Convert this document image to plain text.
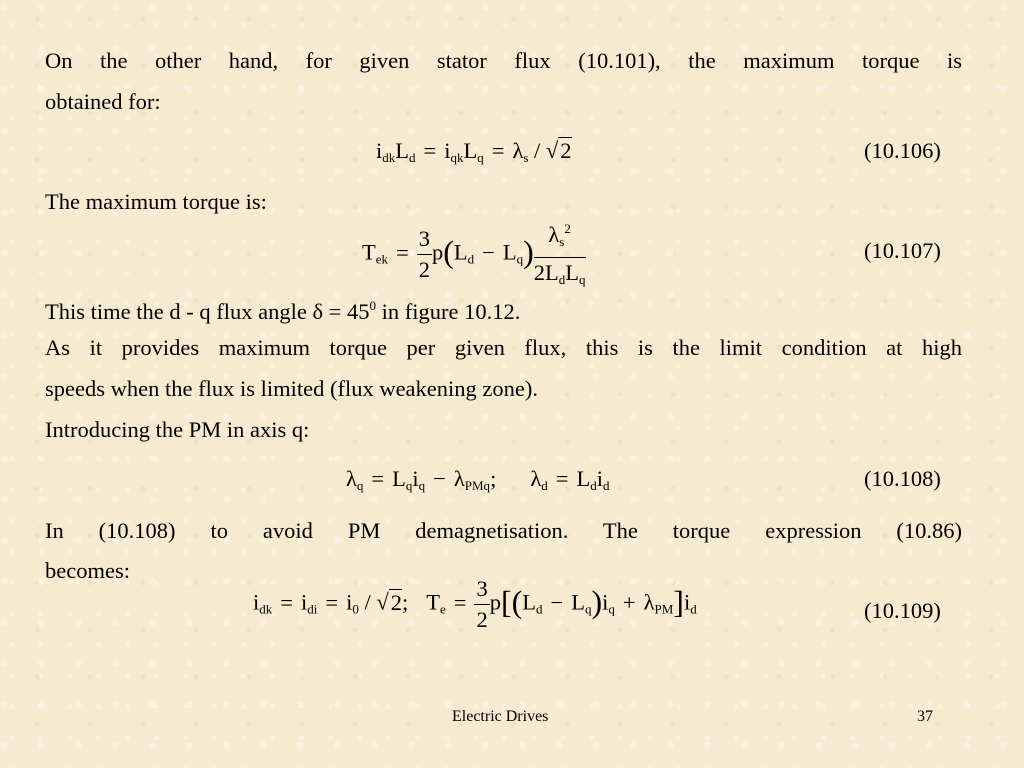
On the other hand, for given stator flux (10.101), the maximum torque is

obtained for:

$i_{dk}L_d = i_{qk}L_q = \lambda_s / √2$	(10.106)

The maximum torque is:

$T_{ek} = \frac{3}{2} p(L_d - L_q) \frac{\lambda_s^2}{2L_dL_q}$	(10.107)

This time the d - q flux angle $\delta = 45^0$ in figure 10.12.

As it provides maximum torque per given flux, this is the limit condition at high

speeds when the flux is limited (flux weakening zone).

Introducing the PM in axis q:

$\lambda_q = L_qi_q - \lambda_{PMq}$; $\lambda_d = L_di_d$	(10.108)

In (10.108) to avoid PM demagnetisation. The torque expression (10.86)

becomes:

$i_{dk} = i_{di} = i_0 / √2$; $T_e = \frac{3}{2} p[(L_d - L_q)i_q + \lambda_{PM}]i_d$	(10.109)
Electric Drives	37
